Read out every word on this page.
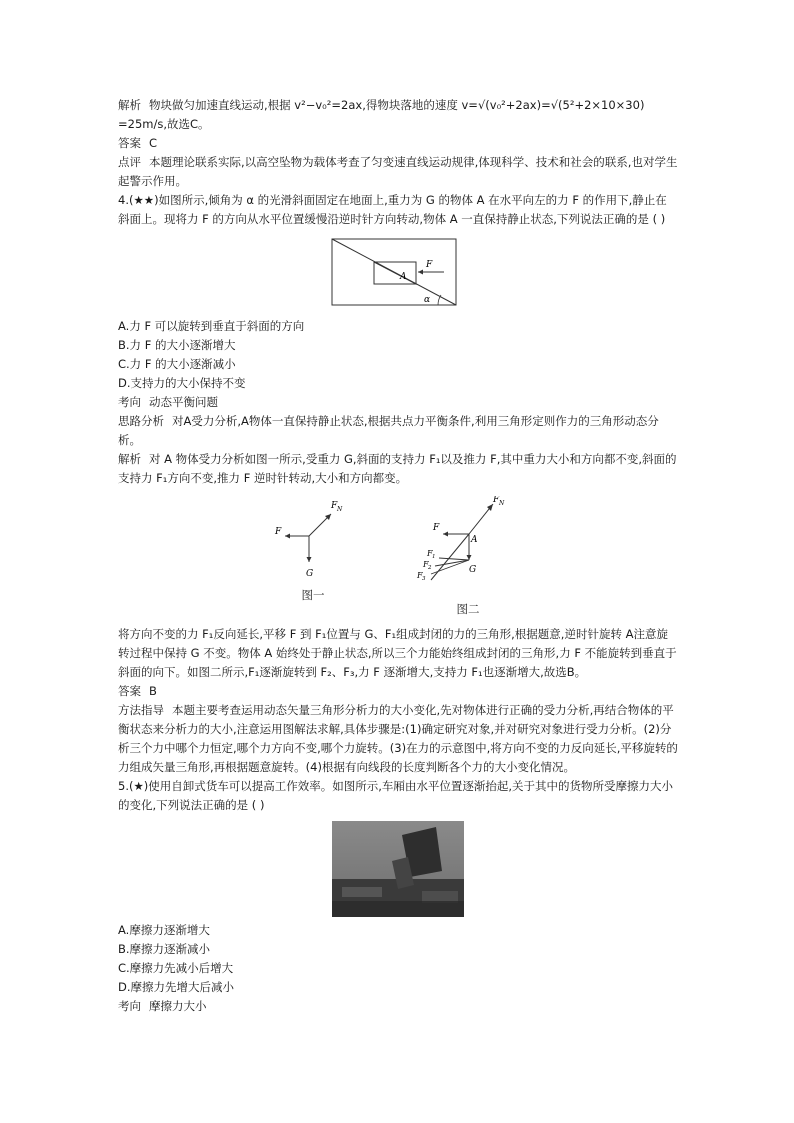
解析 物块做匀加速直线运动,根据 v²−v₀²=2ax,得物块落地的速度 v=√(v₀²+2ax)=√(5²+2×10×30)

=25m/s,故选C。

答案 C

点评 本题理论联系实际,以高空坠物为载体考查了匀变速直线运动规律,体现科学、技术和社会的联系,也对学生起警示作用。

4.(★★)如图所示,倾角为 α 的光滑斜面固定在地面上,重力为 G 的物体 A 在水平向左的力 F 的作用下,静止在斜面上。现将力 F 的方向从水平位置缓慢沿逆时针方向转动,物体 A 一直保持静止状态,下列说法正确的是 ( )

A
F
α

A.力 F 可以旋转到垂直于斜面的方向

B.力 F 的大小逐渐增大

C.力 F 的大小逐渐减小

D.支持力的大小保持不变

考向 动态平衡问题

思路分析 对A受力分析,A物体一直保持静止状态,根据共点力平衡条件,利用三角形定则作力的三角形动态分析。

解析 对 A 物体受力分析如图一所示,受重力 G,斜面的支持力 F₁以及推力 F,其中重力大小和方向都不变,斜面的支持力 F₁方向不变,推力 F 逆时针转动,大小和方向都变。

F N
F
G
图一
F N
F
A
G
F 1
F 2
F 3
图二

将方向不变的力 F₁反向延长,平移 F 到 F₁位置与 G、F₁组成封闭的力的三角形,根据题意,逆时针旋转 A注意旋转过程中保持 G 不变。物体 A 始终处于静止状态,所以三个力能始终组成封闭的三角形,力 F 不能旋转到垂直于斜面的向下。如图二所示,F₁逐渐旋转到 F₂、F₃,力 F 逐渐增大,支持力 F₁也逐渐增大,故选B。

答案 B

方法指导 本题主要考查运用动态矢量三角形分析力的大小变化,先对物体进行正确的受力分析,再结合物体的平衡状态来分析力的大小,注意运用图解法求解,具体步骤是:(1)确定研究对象,并对研究对象进行受力分析。(2)分析三个力中哪个力恒定,哪个力方向不变,哪个力旋转。(3)在力的示意图中,将方向不变的力反向延长,平移旋转的力组成矢量三角形,再根据题意旋转。(4)根据有向线段的长度判断各个力的大小变化情况。

5.(★)使用自卸式货车可以提高工作效率。如图所示,车厢由水平位置逐渐抬起,关于其中的货物所受摩擦力大小的变化,下列说法正确的是 ( )

A.摩擦力逐渐增大

B.摩擦力逐渐减小

C.摩擦力先减小后增大

D.摩擦力先增大后减小

考向 摩擦力大小
